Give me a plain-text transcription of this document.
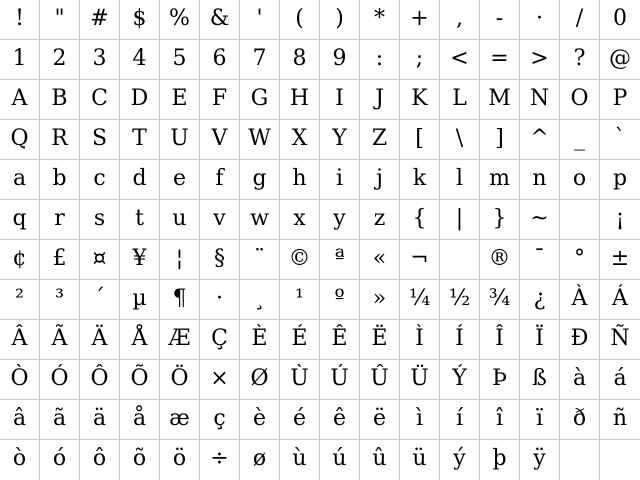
! " # $ % & ' ( ) * + , - · / 0
1 2 3 4 5 6 7 8 9 : ; < = > ? @
A B C D E F G H I J K L M N O P
Q R S T U V W X Y Z [ \ ] ^ _ `
a b c d e f g h i j k l m n o p
q r s t u v w x y z { | } ~	¡
¢ £ ¤ ¥ ¦ § ¨ © ª « ¬	® ¯ ° ±
² ³ ´ µ ¶ · ¸ ¹ º » ¼ ½ ¾ ¿ À Á
Â Ã Ä Å Æ Ç È É Ê Ë Ì Í Î Ï Ð Ñ
Ò Ó Ô Õ Ö × Ø Ù Ú Û Ü Ý Þ ß à á
â ã ä å æ ç è é ê ë ì í î ï ð ñ
ò ó ô õ ö ÷ ø ù ú û ü ý þ ÿ
